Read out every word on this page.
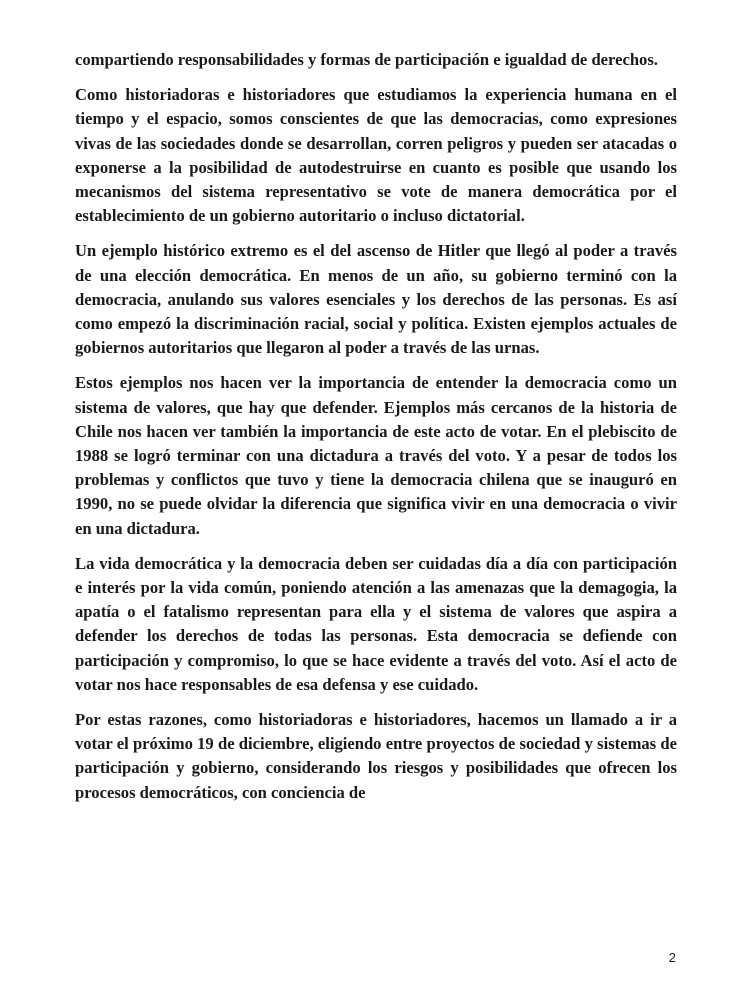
compartiendo responsabilidades y formas de participación e igualdad de derechos.

Como historiadoras e historiadores que estudiamos la experiencia humana en el tiempo y el espacio, somos conscientes de que las democracias, como expresiones vivas de las sociedades donde se desarrollan, corren peligros y pueden ser atacadas o exponerse a la posibilidad de autodestruirse en cuanto es posible que usando los mecanismos del sistema representativo se vote de manera democrática por el establecimiento de un gobierno autoritario o incluso dictatorial.

Un ejemplo histórico extremo es el del ascenso de Hitler que llegó al poder a través de una elección democrática. En menos de un año, su gobierno terminó con la democracia, anulando sus valores esenciales y los derechos de las personas. Es así como empezó la discriminación racial, social y política. Existen ejemplos actuales de gobiernos autoritarios que llegaron al poder a través de las urnas.

Estos ejemplos nos hacen ver la importancia de entender la democracia como un sistema de valores, que hay que defender. Ejemplos más cercanos de la historia de Chile nos hacen ver también la importancia de este acto de votar. En el plebiscito de 1988 se logró terminar con una dictadura a través del voto. Y a pesar de todos los problemas y conflictos que tuvo y tiene la democracia chilena que se inauguró en 1990, no se puede olvidar la diferencia que significa vivir en una democracia o vivir en una dictadura.

La vida democrática y la democracia deben ser cuidadas día a día con participación e interés por la vida común, poniendo atención a las amenazas que la demagogia, la apatía o el fatalismo representan para ella y el sistema de valores que aspira a defender los derechos de todas las personas. Esta democracia se defiende con participación y compromiso, lo que se hace evidente a través del voto. Así el acto de votar nos hace responsables de esa defensa y ese cuidado.

Por estas razones, como historiadoras e historiadores, hacemos un llamado a ir a votar el próximo 19 de diciembre, eligiendo entre proyectos de sociedad y sistemas de participación y gobierno, considerando los riesgos y posibilidades que ofrecen los procesos democráticos, con conciencia de

2
